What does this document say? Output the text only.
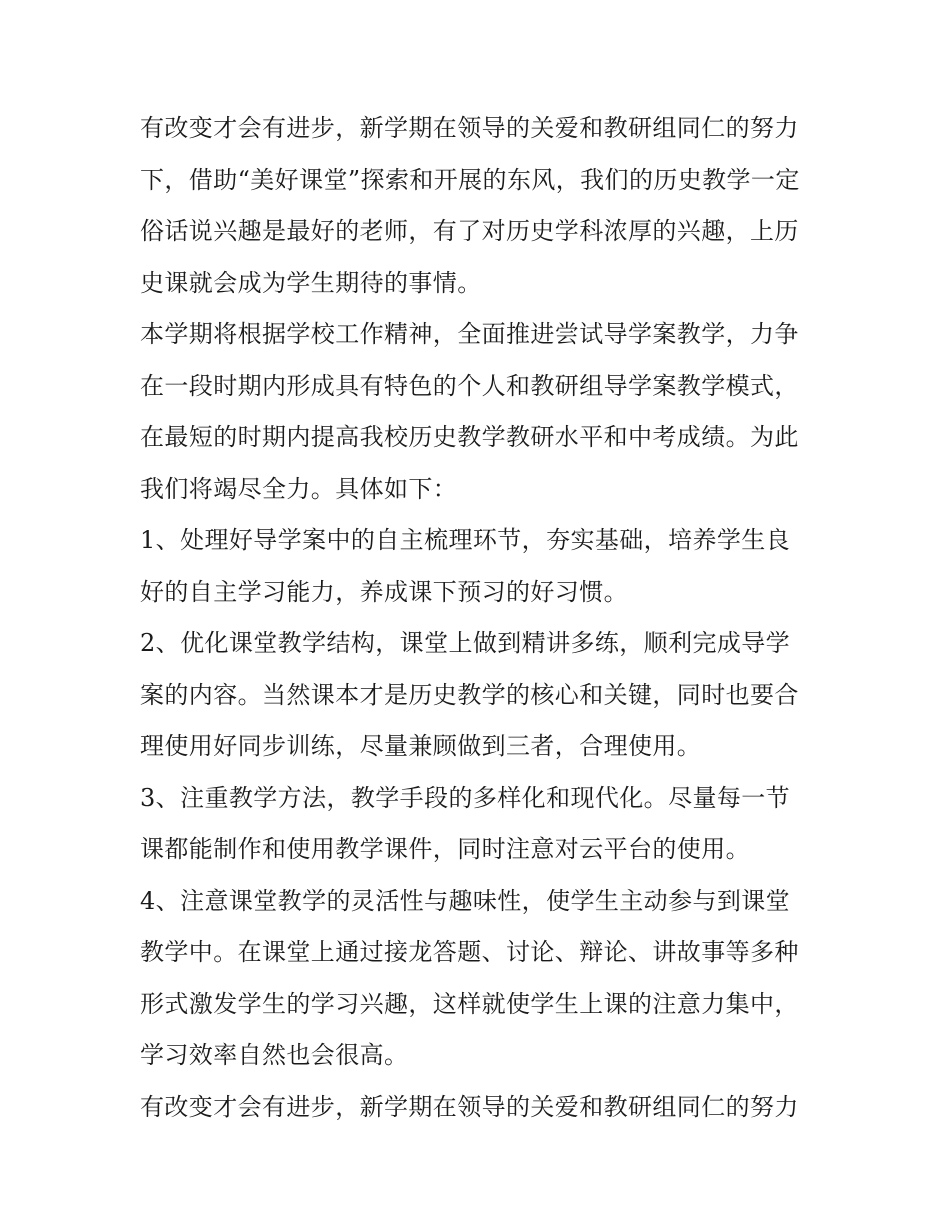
有改变才会有进步，新学期在领导的关爱和教研组同仁的努力

下，借助“美好课堂”探索和开展的东风，我们的历史教学一定

俗话说兴趣是最好的老师，有了对历史学科浓厚的兴趣，上历

史课就会成为学生期待的事情。

本学期将根据学校工作精神，全面推进尝试导学案教学，力争

在一段时期内形成具有特色的个人和教研组导学案教学模式，

在最短的时期内提高我校历史教学教研水平和中考成绩。为此

我们将竭尽全力。具体如下：

1、处理好导学案中的自主梳理环节，夯实基础，培养学生良

好的自主学习能力，养成课下预习的好习惯。

2、优化课堂教学结构，课堂上做到精讲多练，顺利完成导学

案的内容。当然课本才是历史教学的核心和关键，同时也要合

理使用好同步训练，尽量兼顾做到三者，合理使用。

3、注重教学方法，教学手段的多样化和现代化。尽量每一节

课都能制作和使用教学课件，同时注意对云平台的使用。

4、注意课堂教学的灵活性与趣味性，使学生主动参与到课堂

教学中。在课堂上通过接龙答题、讨论、辩论、讲故事等多种

形式激发学生的学习兴趣，这样就使学生上课的注意力集中，

学习效率自然也会很高。

有改变才会有进步，新学期在领导的关爱和教研组同仁的努力
